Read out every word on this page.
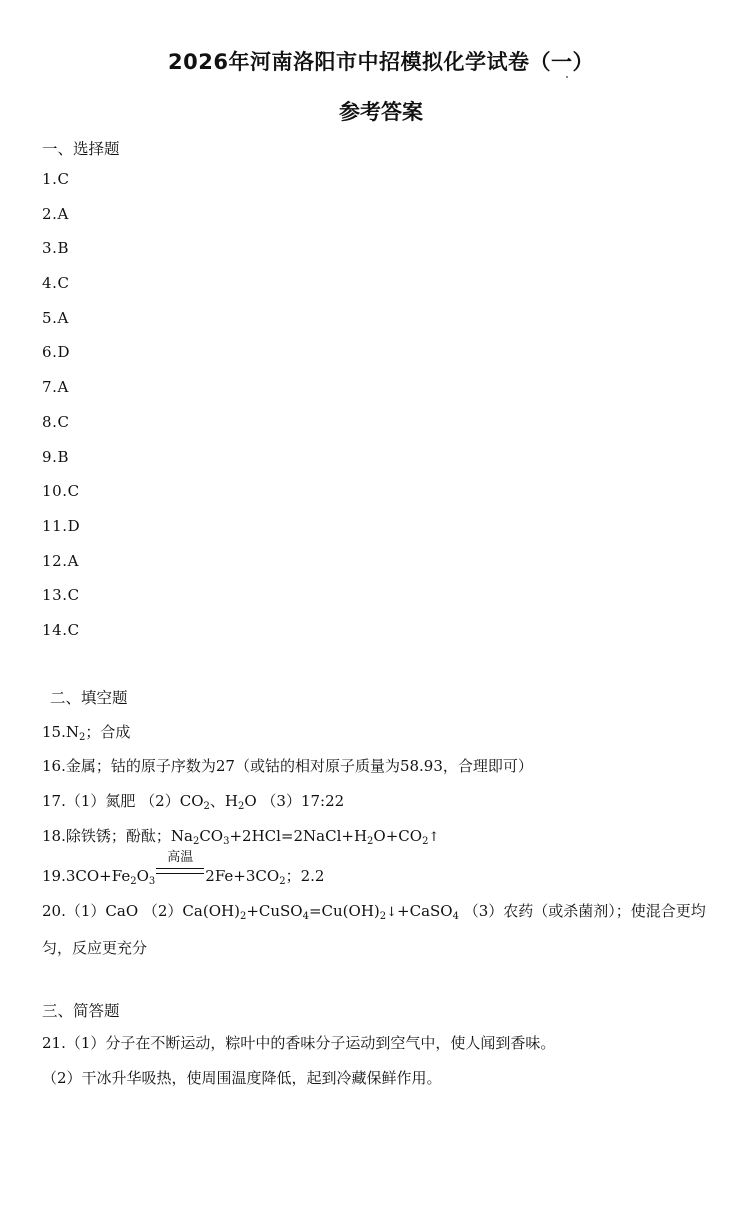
2026年河南洛阳市中招模拟化学试卷（一）
参考答案
一、选择题
1.C
2.A
3.B
4.C
5.A
6.D
7.A
8.C
9.B
10.C
11.D
12.A
13.C
14.C
二、填空题
$15.N_2$；合成
16.金属；钴的原子序数为27（或钴的相对原子质量为58.93，合理即可）
17.（1）氮肥 $(2)CO_2$、$H_2O$ （3）17:22
18.除铁锈；酚酞；$Na_2CO_3+2HCl=2NaCl+H_2O+CO_2↑$
$19.3CO+Fe_2O_3$
高温
$2Fe+3CO_2$；2.2
20.（1）CaO $(2)Ca(OH)_2+CuSO_4=Cu(OH)_2↓+CaSO_4$ （3）农药（或杀菌剂）；使混合更均匀，反应更充分
三、简答题
21.（1）分子在不断运动，粽叶中的香味分子运动到空气中，使人闻到香味。
（2）干冰升华吸热，使周围温度降低，起到冷藏保鲜作用。
